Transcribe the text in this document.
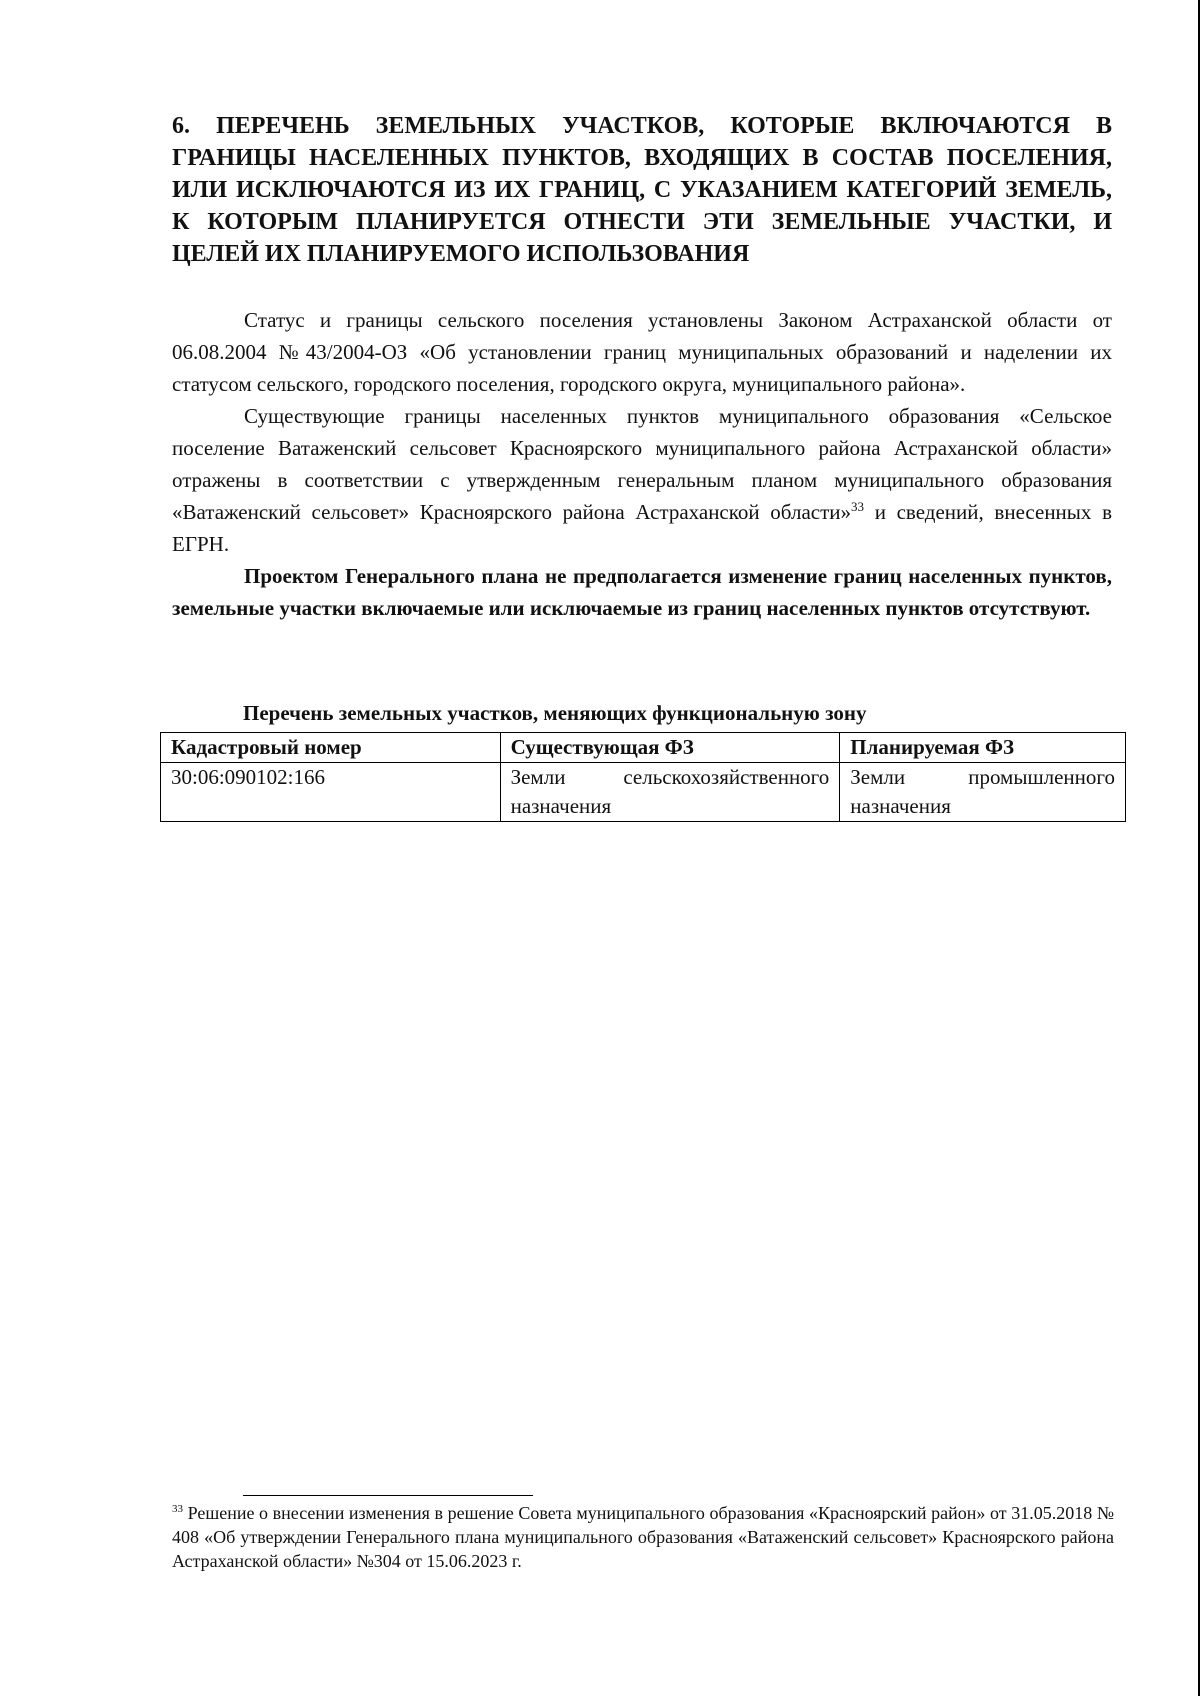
6. ПЕРЕЧЕНЬ ЗЕМЕЛЬНЫХ УЧАСТКОВ, КОТОРЫЕ ВКЛЮЧАЮТСЯ В ГРАНИЦЫ НАСЕЛЕННЫХ ПУНКТОВ, ВХОДЯЩИХ В СОСТАВ ПОСЕЛЕНИЯ, ИЛИ ИСКЛЮЧАЮТСЯ ИЗ ИХ ГРАНИЦ, С УКАЗАНИЕМ КАТЕГОРИЙ ЗЕМЕЛЬ, К КОТОРЫМ ПЛАНИРУЕТСЯ ОТНЕСТИ ЭТИ ЗЕМЕЛЬНЫЕ УЧАСТКИ, И ЦЕЛЕЙ ИХ ПЛАНИРУЕМОГО ИСПОЛЬЗОВАНИЯ

Статус и границы сельского поселения установлены Законом Астраханской области от 06.08.2004 №43/2004-ОЗ «Об установлении границ муниципальных образований и наделении их статусом сельского, городского поселения, городского округа, муниципального района».

Существующие границы населенных пунктов муниципального образования «Сельское поселение Ватаженский сельсовет Красноярского муниципального района Астраханской области» отражены в соответствии с утвержденным генеральным планом муниципального образования «Ватаженский сельсовет» Красноярского района Астраханской области»$^{33}$ и сведений, внесенных в ЕГРН.

Проектом Генерального плана не предполагается изменение границ населенных пунктов, земельные участки включаемые или исключаемые из границ населенных пунктов отсутствуют.

Перечень земельных участков, меняющих функциональную зону
Кадастровый номер	Существующая ФЗ	Планируемая ФЗ
30:06:090102:166	Земли сельскохозяйственного назначения	Земли промышленного назначения

$^{33}$ Решение о внесении изменения в решение Совета муниципального образования «Красноярский район» от 31.05.2018 № 408 «Об утверждении Генерального плана муниципального образования «Ватаженский сельсовет» Красноярского района Астраханской области» №304 от 15.06.2023 г.
